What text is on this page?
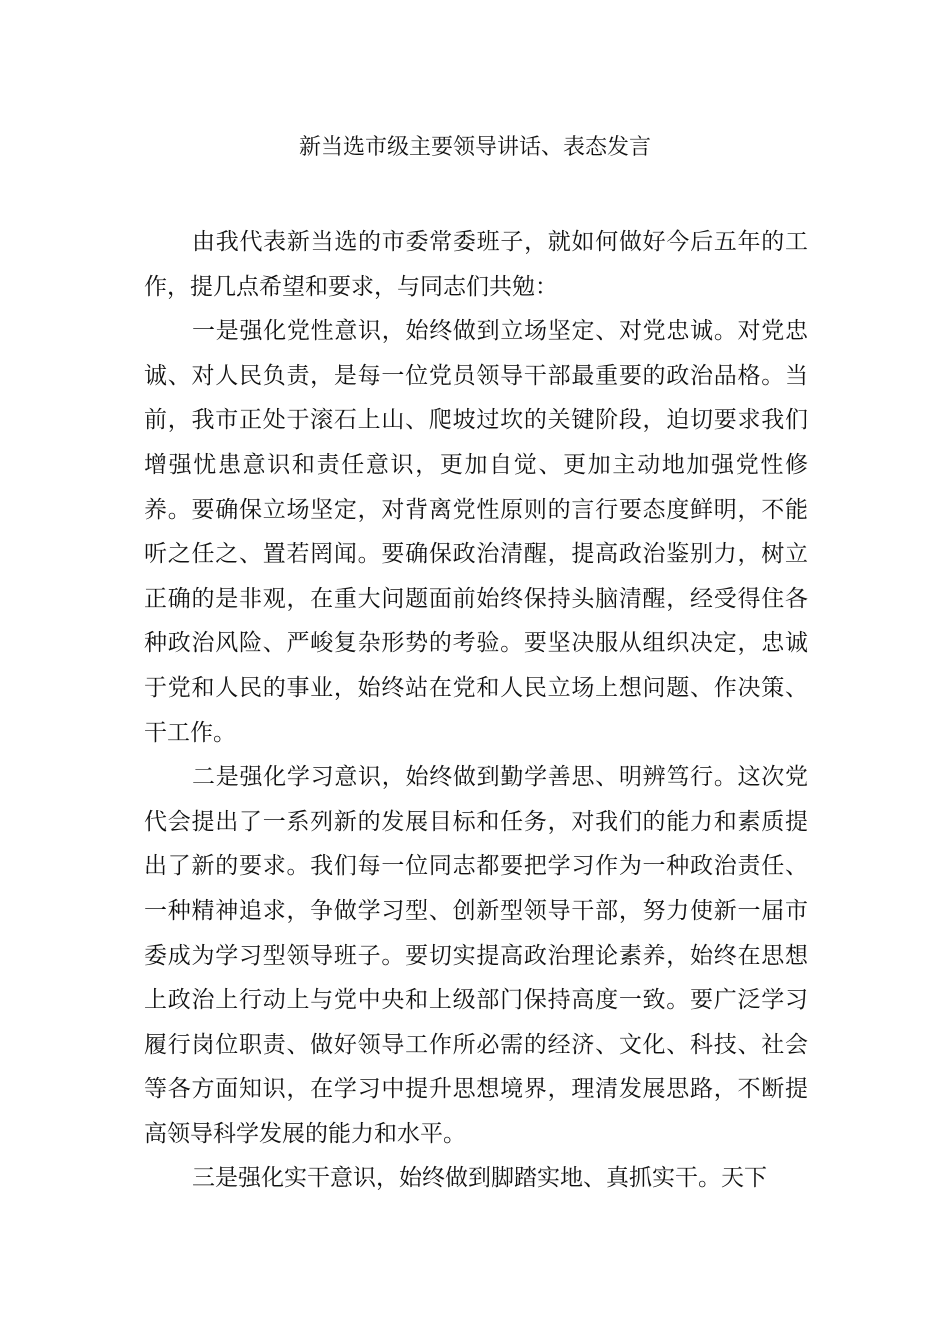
新当选市级主要领导讲话、表态发言

由我代表新当选的市委常委班子，就如何做好今后五年的工作，提几点希望和要求，与同志们共勉：

一是强化党性意识，始终做到立场坚定、对党忠诚。对党忠诚、对人民负责，是每一位党员领导干部最重要的政治品格。当前，我市正处于滚石上山、爬坡过坎的关键阶段，迫切要求我们增强忧患意识和责任意识，更加自觉、更加主动地加强党性修养。要确保立场坚定，对背离党性原则的言行要态度鲜明，不能听之任之、置若罔闻。要确保政治清醒，提高政治鉴别力，树立正确的是非观，在重大问题面前始终保持头脑清醒，经受得住各种政治风险、严峻复杂形势的考验。要坚决服从组织决定，忠诚于党和人民的事业，始终站在党和人民立场上想问题、作决策、干工作。

二是强化学习意识，始终做到勤学善思、明辨笃行。这次党代会提出了一系列新的发展目标和任务，对我们的能力和素质提出了新的要求。我们每一位同志都要把学习作为一种政治责任、一种精神追求，争做学习型、创新型领导干部，努力使新一届市委成为学习型领导班子。要切实提高政治理论素养，始终在思想上政治上行动上与党中央和上级部门保持高度一致。要广泛学习履行岗位职责、做好领导工作所必需的经济、文化、科技、社会等各方面知识，在学习中提升思想境界，理清发展思路，不断提高领导科学发展的能力和水平。

三是强化实干意识，始终做到脚踏实地、真抓实干。天下
